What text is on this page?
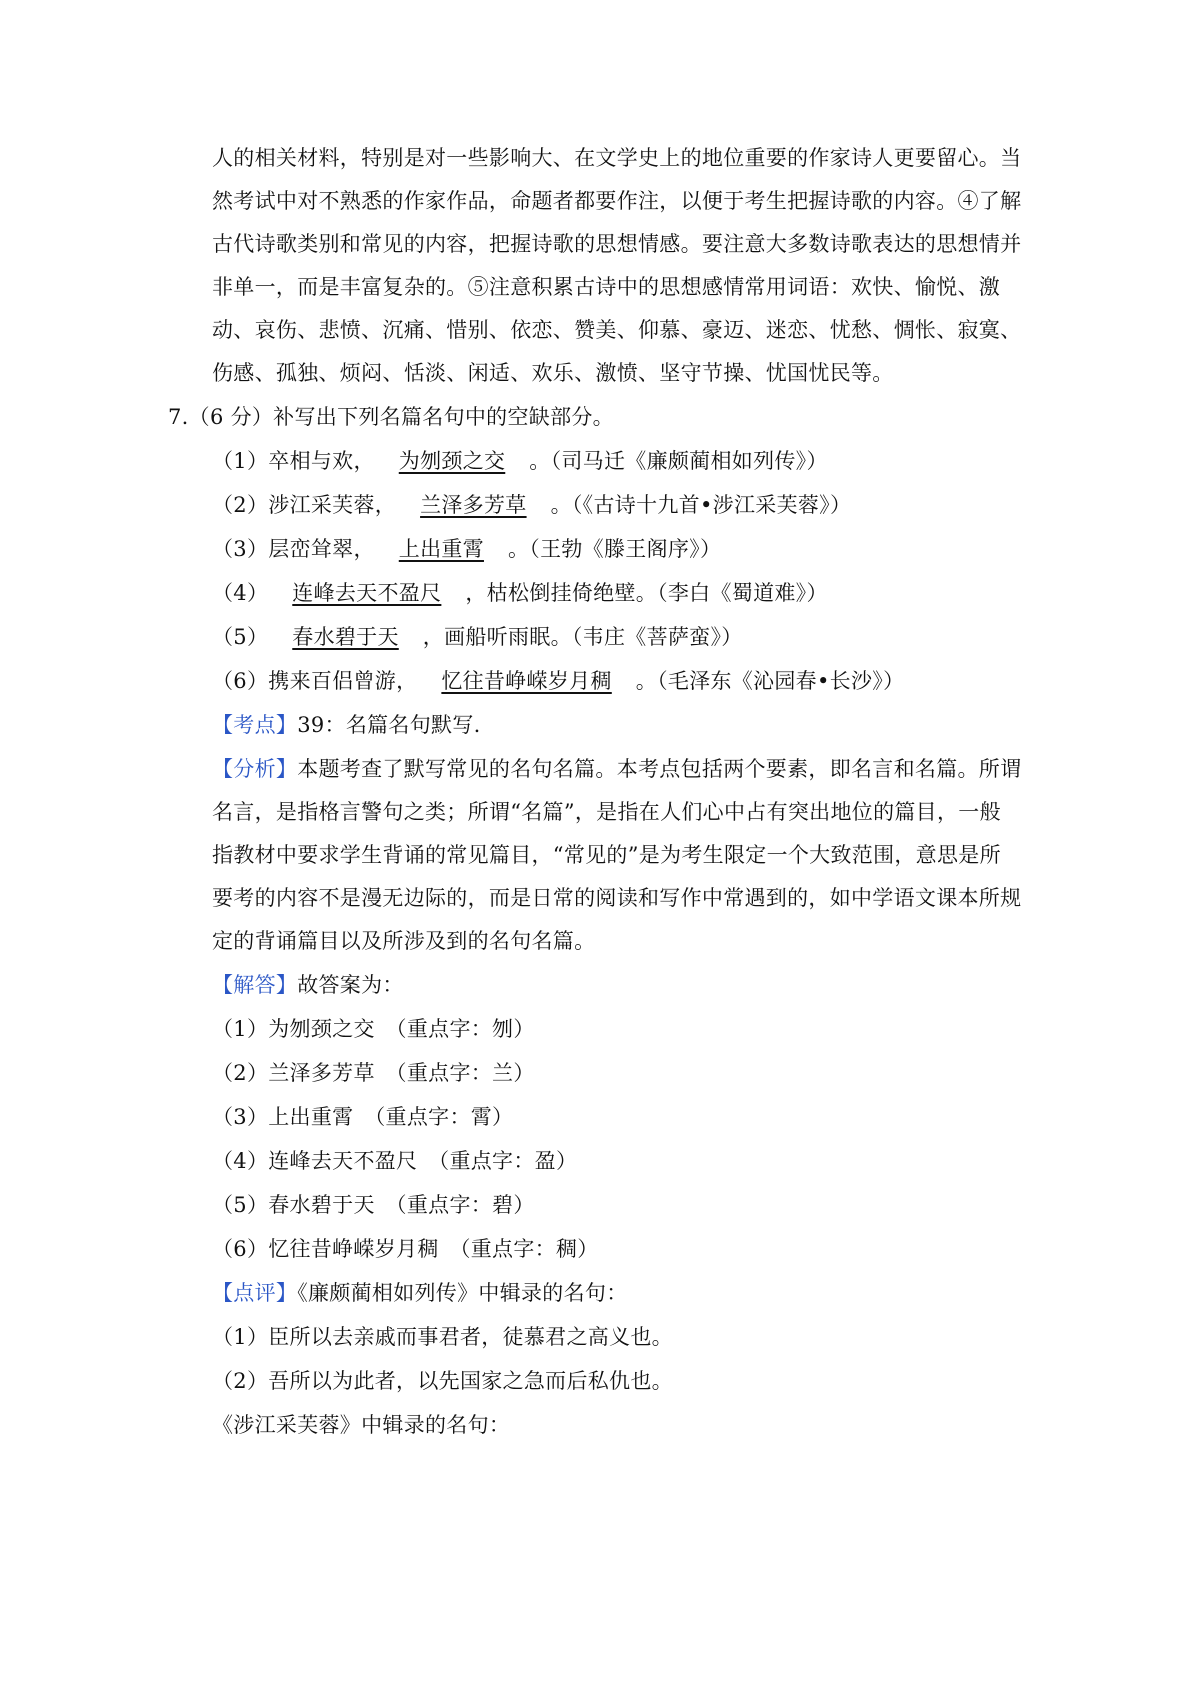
人的相关材料，特别是对一些影响大、在文学史上的地位重要的作家诗人更要留心。当
然考试中对不熟悉的作家作品，命题者都要作注，以便于考生把握诗歌的内容。④了解
古代诗歌类别和常见的内容，把握诗歌的思想情感。要注意大多数诗歌表达的思想情并
非单一，而是丰富复杂的。⑤注意积累古诗中的思想感情常用词语：欢快、愉悦、激
动、哀伤、悲愤、沉痛、惜别、依恋、赞美、仰慕、豪迈、迷恋、忧愁、惆怅、寂寞、
伤感、孤独、烦闷、恬淡、闲适、欢乐、激愤、坚守节操、忧国忧民等。
7.（6 分）补写出下列名篇名句中的空缺部分。
（1）卒相与欢， 为刎颈之交 。（司马迁《廉颇蔺相如列传》）
（2）涉江采芙蓉， 兰泽多芳草 。（《古诗十九首•涉江采芙蓉》）
（3）层峦耸翠， 上出重霄 。（王勃《滕王阁序》）
（4） 连峰去天不盈尺 ，枯松倒挂倚绝壁。（李白《蜀道难》）
（5） 春水碧于天 ，画船听雨眠。（韦庄《菩萨蛮》）
（6）携来百侣曾游， 忆往昔峥嵘岁月稠 。（毛泽东《沁园春•长沙》）
【考点】39：名篇名句默写.
【分析】本题考查了默写常见的名句名篇。本考点包括两个要素，即名言和名篇。所谓
名言，是指格言警句之类；所谓“名篇”，是指在人们心中占有突出地位的篇目，一般
指教材中要求学生背诵的常见篇目，“常见的”是为考生限定一个大致范围，意思是所
要考的内容不是漫无边际的，而是日常的阅读和写作中常遇到的，如中学语文课本所规
定的背诵篇目以及所涉及到的名句名篇。
【解答】故答案为：
（1）为刎颈之交　（重点字：刎）
（2）兰泽多芳草　（重点字：兰）
（3）上出重霄　（重点字：霄）
（4）连峰去天不盈尺　（重点字：盈）
（5）春水碧于天　（重点字：碧）
（6）忆往昔峥嵘岁月稠　（重点字：稠）
【点评】《廉颇蔺相如列传》中辑录的名句：
（1）臣所以去亲戚而事君者，徒慕君之高义也。
（2）吾所以为此者，以先国家之急而后私仇也。
《涉江采芙蓉》中辑录的名句：
